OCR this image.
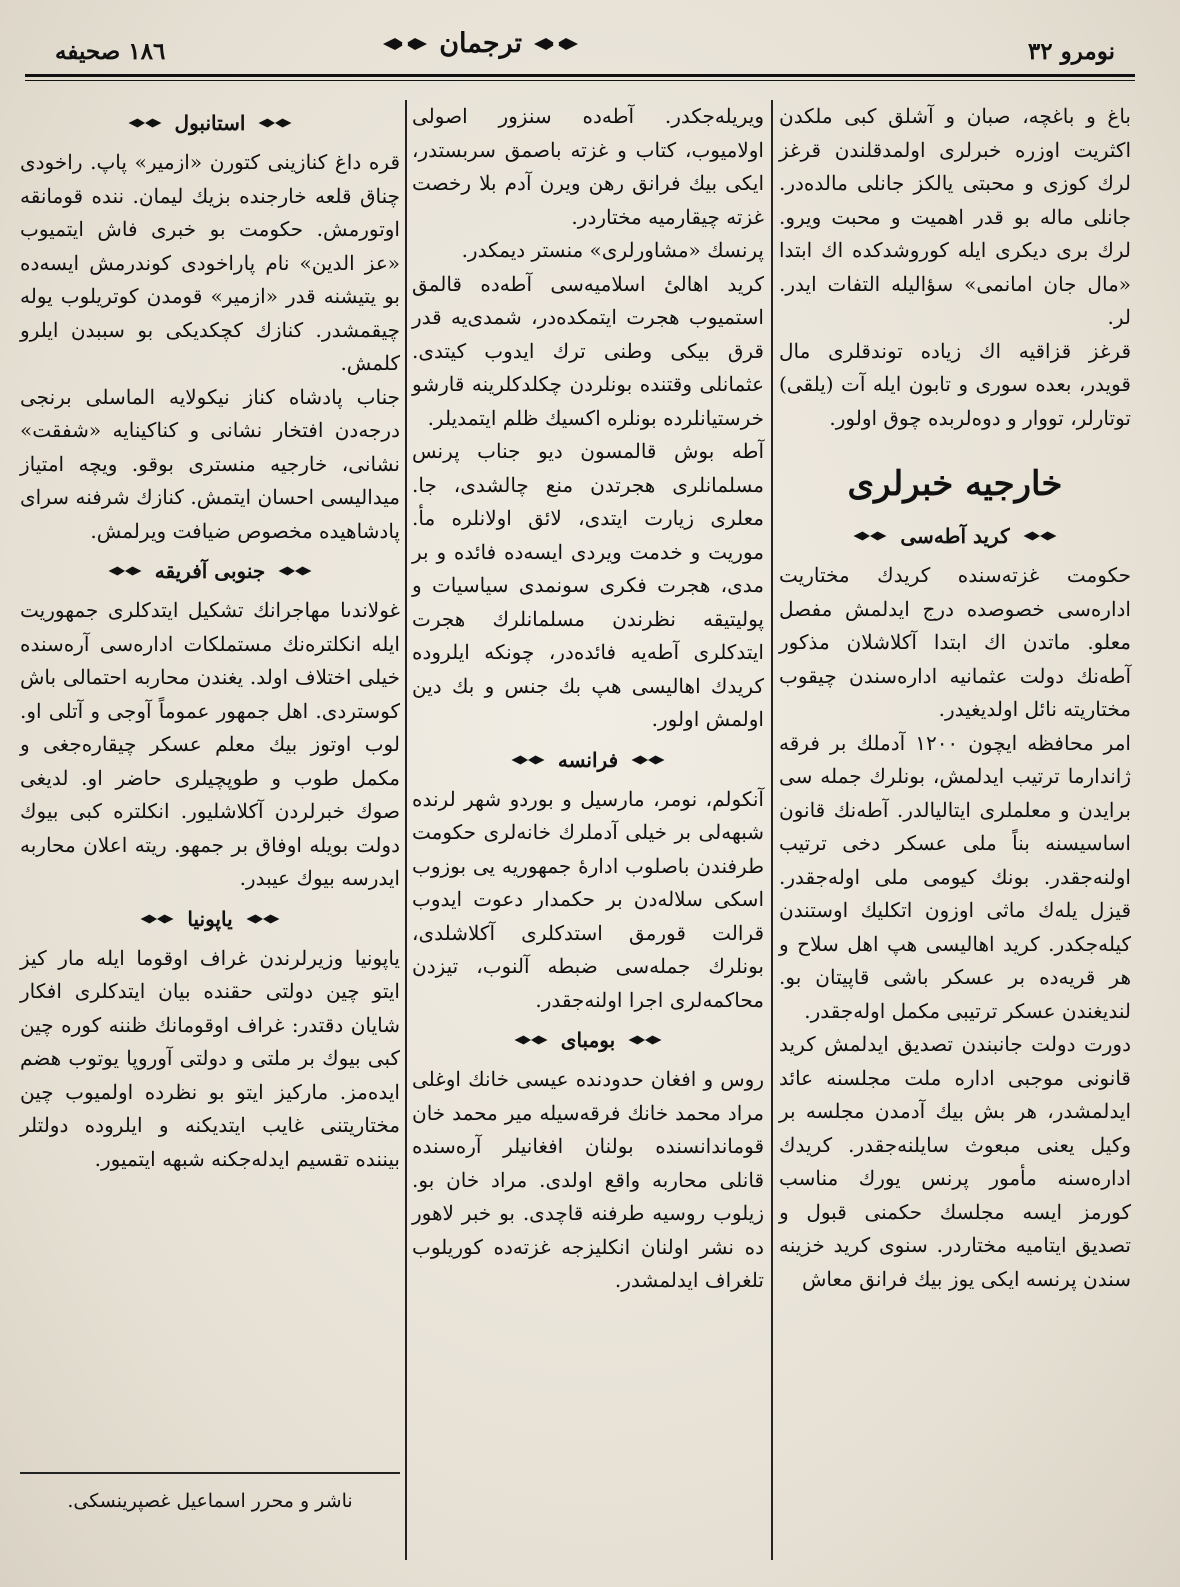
١٨٦ صحيفه	ترجمان	نومرو ٣٢

باغ و باغچه، صبان و آشلق كبى ملكدن اكثريت اوزره خبرلرى اولمدقلندن قرغز لرك كوزى و محبتى يالكز جانلى مالده‌در. جانلى ماله بو قدر اهميت و محبت ويرو. لرك بری ديكرى ايله كوروشدكده اك ابتدا «مال جان امانمى» سؤاليله التفات ايدر. لر.

قرغز قزاقيه اك زياده توندقلرى مال قويدر، بعده سورى و تابون ايله آت (يلقى) توتارلر، تووار و دوه‌لربده چوق اولور.

خارجيه خبرلرى
كريد آطه‌سى

حكومت غزته‌سنده كريدك مختاريت اداره‌سى خصوصده درج ايدلمش مفصل معلو. ماتدن اك ابتدا آكلاشلان مذكور آطه‌نك دولت عثمانيه اداره‌سندن چيقوب مختاريته نائل اولديغيدر.

امر محافظه ايچون ١٢٠٠ آدملك بر فرقه ژاندارما ترتيب ايدلمش، بونلرك جمله سى برايدن و معلملرى ايتاليالدر. آطه‌نك قانون اساسيسنه بناً ملى عسكر دخى ترتيب اولنه‌جقدر. بونك كيومى ملى اوله‌جقدر. قيزل يلەك ماثى اوزون اتكليك اوستندن كيلەجكدر. كريد اهاليسى هپ اهل سلاح و هر قريه‌ده بر عسكر باشى قاپيتان بو. لنديغندن عسكر ترتيبى مكمل اوله‌جقدر.

دورت دولت جانبندن تصديق ايدلمش كريد قانونى موجبى اداره ملت مجلسنه عائد ايدلمشدر، هر بش بيك آدمدن مجلسه بر وكيل يعنى مبعوث سايلنه‌جقدر. كريدك اداره‌سنه مأمور پرنس يورك مناسب كورمز ايسه مجلسك حكمنى قبول و تصديق ايتاميه مختاردر. سنوى كريد خزينه سندن پرنسه ايكى يوز بيك فرانق معاش

ويريله‌جكدر. آطه‌ده سنزور اصولى اولاميوب، كتاب و غزته باصمق سربستدر، ايكى بيك فرانق رهن ويرن آدم بلا رخصت غزته چيقارميه مختاردر.

پرنسك «مشاورلرى» منستر ديمكدر.

كريد اهالىٔ اسلاميه‌سى آطه‌ده قالمق استميوب هجرت ايتمكده‌در، شمدى‌يه قدر قرق بيكى وطنى ترك ايدوب كيتدى. عثمانلى وقتنده بونلردن چكلدكلرينه قارشو خرستيانلرده بونلره اكسيك ظلم ايتمديلر.

آطه بوش قالمسون ديو جناب پرنس مسلمانلرى هجرتدن منع چالشدى، جا. معلرى زيارت ايتدى، لائق اولانلره مأ. موريت و خدمت ويردى ايسه‌ده فائده و بر مدى، هجرت فكرى سونمدى سياسيات و پوليتيقه نظرندن مسلمانلرك هجرت ايتدكلرى آطه‌يه فائده‌در، چونكه ايلروده كريدك اهاليسى هپ بك جنس و بك دين اولمش اولور.

فرانسه

آنكولم، نومر، مارسيل و بوردو شهر لرنده شبهه‌لى بر خيلى آدملرك خانه‌لرى حكومت طرفندن باصلوب ادارهٔ جمهوريه يى بوزوب اسكى سلاله‌دن بر حكمدار دعوت ايدوب قرالت قورمق استدكلرى آكلاشلدى، بونلرك جمله‌سى ضبطه آلنوب، تيزدن محاكمه‌لرى اجرا اولنه‌جقدر.

بومباى

روس و افغان حدودنده عيسى خانك اوغلى مراد محمد خانك فرقه‌سيله مير محمد خان قوماندانسنده بولنان افغانيلر آره‌سنده قانلى محاربه واقع اولدى. مراد خان بو. زيلوب روسيه طرفنه قاچدى. بو خبر لاهور ده نشر اولنان انكليزجه غزته‌ده كوريلوب تلغراف ايدلمشدر.

استانبول

قره داغ كنازينى كتورن «ازمير» پاپ. راخودى چناق قلعه خارجنده بزيك ليمان. ننده قومانقه اوتورمش. حكومت بو خبرى فاش ايتميوب «عز الدين» نام پاراخودى كوندرمش ايسه‌ده بو يتيشنه قدر «ازمير» قومدن كوتريلوب يوله چيقمشدر. كنازك كچكديكى بو سببدن ايلرو كلمش.

جناب پادشاه كناز نيكولايه الماسلى برنجى درجه‌دن افتخار نشانى و كناكينايه «شفقت» نشانى، خارجيه منسترى بوقو. ويچه امتياز ميداليسى احسان ايتمش. كنازك شرفنه سراى پادشاهيده مخصوص ضيافت ويرلمش.

جنوبى آفريقه

غولاندىا مهاجرانك تشكيل ايتدكلرى جمهوريت ايله انكلتره‌نك مستملكات اداره‌سى آره‌سنده خيلى اختلاف اولد. يغندن محاربه احتمالى باش كوستردى. اهل جمهور عموماً آوجى و آتلى او. لوب اوتوز بيك معلم عسكر چيقاره‌جغى و مكمل طوب و طوپچيلرى حاضر او. لديغى صوك خبرلردن آكلاشليور. انكلتره كبى بيوك دولت بويله اوفاق بر جمهو. ريته اعلان محاربه ايدرسه بيوك عيبدر.

ياپونيا

ياپونيا وزيرلرندن غراف اوقوما ايله مار كيز ايتو چين دولتى حقنده بيان ايتدكلرى افكار شايان دقتدر: غراف اوقومانك ظننه كوره چين كبى بيوك بر ملتى و دولتى آوروپا يوتوب هضم ايده‌مز. ماركيز ايتو بو نظرده اولميوب چين مختاريتنى غايب ايتديكنه و ايلروده دولتلر بيننده تقسيم ايدله‌جكنه شبهه ايتميور.

ناشر و محرر اسماعيل غصپرينسكى.
